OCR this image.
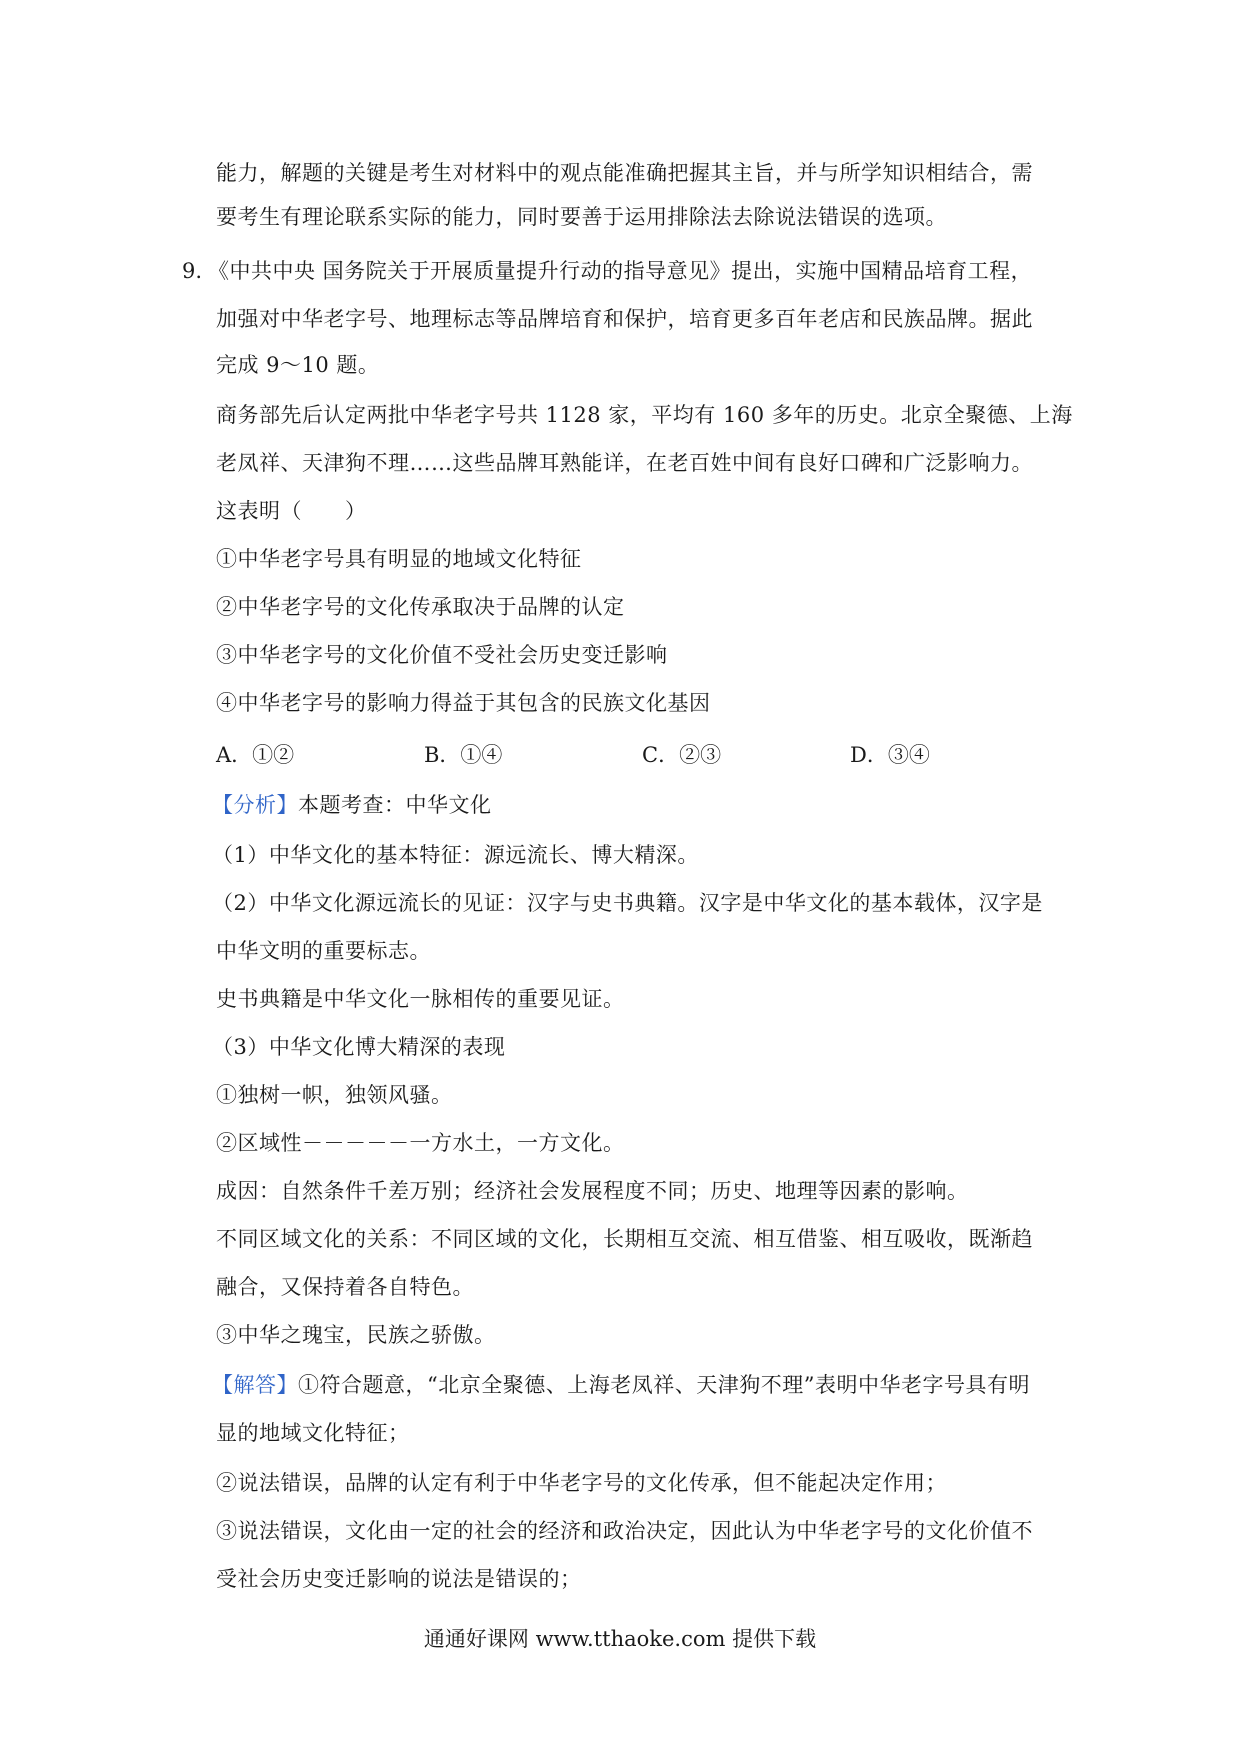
能力，解题的关键是考生对材料中的观点能准确把握其主旨，并与所学知识相结合，需
要考生有理论联系实际的能力，同时要善于运用排除法去除说法错误的选项。
9. 《中共中央 国务院关于开展质量提升行动的指导意见》提出，实施中国精品培育工程，
加强对中华老字号、地理标志等品牌培育和保护，培育更多百年老店和民族品牌。据此
完成 9～10 题。
商务部先后认定两批中华老字号共 1128 家，平均有 160 多年的历史。北京全聚德、上海
老凤祥、天津狗不理……这些品牌耳熟能详，在老百姓中间有良好口碑和广泛影响力。
这表明（　　）
①中华老字号具有明显的地域文化特征
②中华老字号的文化传承取决于品牌的认定
③中华老字号的文化价值不受社会历史变迁影响
④中华老字号的影响力得益于其包含的民族文化基因
A．①②	B．①④	C．②③	D．③④
【分析】本题考查：中华文化
（1）中华文化的基本特征：源远流长、博大精深。
（2）中华文化源远流长的见证：汉字与史书典籍。汉字是中华文化的基本载体，汉字是
中华文明的重要标志。
史书典籍是中华文化一脉相传的重要见证。
（3）中华文化博大精深的表现
①独树一帜，独领风骚。
②区域性－－－－－一方水土，一方文化。
成因：自然条件千差万别；经济社会发展程度不同；历史、地理等因素的影响。
不同区域文化的关系：不同区域的文化，长期相互交流、相互借鉴、相互吸收，既渐趋
融合，又保持着各自特色。
③中华之瑰宝，民族之骄傲。
【解答】①符合题意，“北京全聚德、上海老凤祥、天津狗不理”表明中华老字号具有明
显的地域文化特征；
②说法错误，品牌的认定有利于中华老字号的文化传承，但不能起决定作用；
③说法错误，文化由一定的社会的经济和政治决定，因此认为中华老字号的文化价值不
受社会历史变迁影响的说法是错误的；
通通好课网 www.tthaoke.com 提供下载
